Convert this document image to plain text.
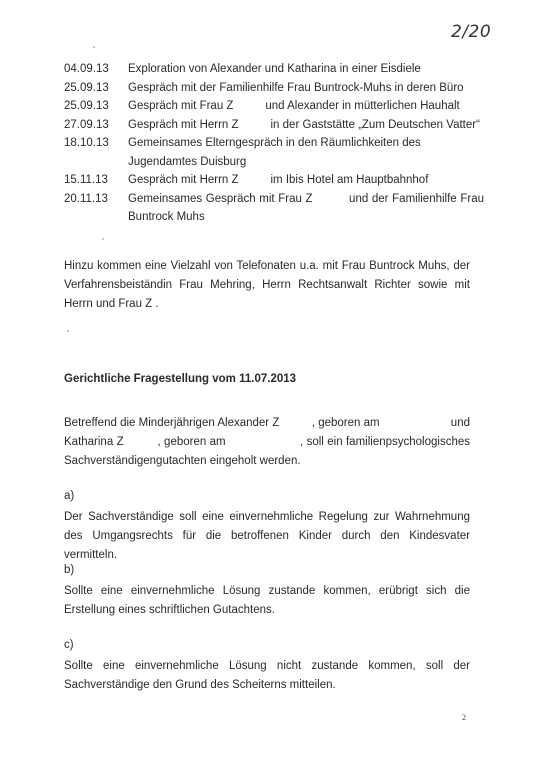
2/20
04.09.13	Exploration von Alexander und Katharina in einer Eisdiele
25.09.13	Gespräch mit der Familienhilfe Frau Buntrock-Muhs in deren Büro
25.09.13	Gespräch mit Frau Z          und Alexander in mütterlichen Hauhalt
27.09.13	Gespräch mit Herrn Z          in der Gaststätte „Zum Deutschen Vatter“
18.10.13	Gemeinsames Elterngespräch in den Räumlichkeiten des Jugendamtes Duisburg
15.11.13	Gespräch mit Herrn Z          im Ibis Hotel am Hauptbahnhof
20.11.13	Gemeinsames Gespräch mit Frau Z          und der Familienhilfe Frau Buntrock Muhs
Hinzu kommen eine Vielzahl von Telefonaten u.a. mit Frau Buntrock Muhs, der Verfahrensbeiständin Frau Mehring, Herrn Rechtsanwalt Richter sowie mit Herrn und Frau Z .
Gerichtliche Fragestellung vom 11.07.2013
Betreffend die Minderjährigen Alexander Z          , geboren am                      und Katharina Z          , geboren am                      , soll ein familienpsychologisches Sachverständigengutachten eingeholt werden.
a)
Der Sachverständige soll eine einvernehmliche Regelung zur Wahrnehmung des Umgangsrechts für die betroffenen Kinder durch den Kindesvater vermitteln.
b)
Sollte eine einvernehmliche Lösung zustande kommen, erübrigt sich die Erstellung eines schriftlichen Gutachtens.
c)
Sollte eine einvernehmliche Lösung nicht zustande kommen, soll der Sachverständige den Grund des Scheiterns mitteilen.
2
